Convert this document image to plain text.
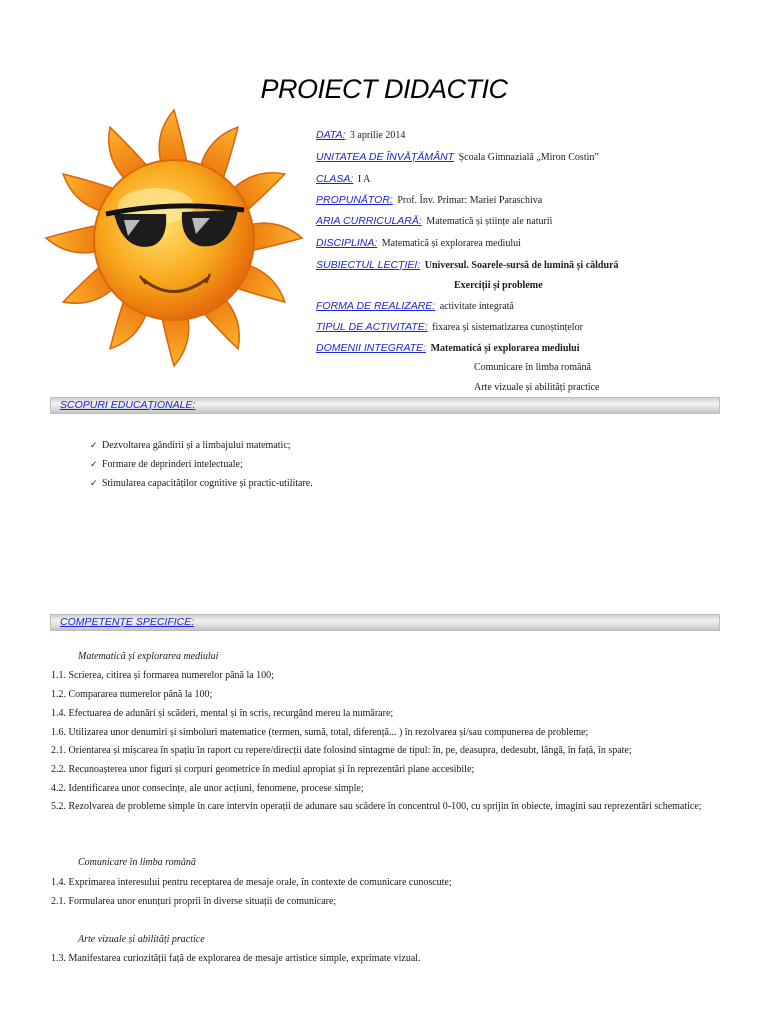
PROIECT DIDACTIC
DATA: 3 aprilie 2014
UNITATEA DE ÎNVĂȚĂMÂNT Școala Gimnazială „Miron Costin”
CLASA: I A
PROPUNĂTOR: Prof. Înv. Primar: Mariei Paraschiva
ARIA CURRICULARĂ: Matematică și științe ale naturii
DISCIPLINA: Matematică și explorarea mediului
SUBIECTUL LECȚIEI: Universul. Soarele-sursă de lumină și căldură
Exerciții și probleme
FORMA DE REALIZARE: activitate integrată
TIPUL DE ACTIVITATE: fixarea și sistematizarea cunoștințelor
DOMENII INTEGRATE: Matematică și explorarea mediului
Comunicare în limba română
Arte vizuale și abilități practice
SCOPURI EDUCAȚIONALE:
✓ Dezvoltarea gândirii și a limbajului matematic;
✓ Formare de deprinderi intelectuale;
✓ Stimularea capacităților cognitive și practic-utilitare.
COMPETENȚE SPECIFICE:
Matematică și explorarea mediului
1.1. Scrierea, citirea și formarea numerelor până la 100;
1.2. Compararea numerelor până la 100;
1.4. Efectuarea de adunări și scăderi, mental și în scris, recurgând mereu la numărare;
1.6. Utilizarea unor denumiri și simboluri matematice (termen, sumă, total, diferență... ) în rezolvarea și/sau compunerea de probleme;
2.1. Orientarea și mișcarea în spațiu în raport cu repere/direcții date folosind sintagme de tipul: în, pe, deasupra, dedesubt, lângă, în față, în spate;
2.2. Recunoașterea unor figuri și corpuri geometrice în mediul apropiat și în reprezentări plane accesibile;
4.2. Identificarea unor consecințe, ale unor acțiuni, fenomene, procese simple;
5.2. Rezolvarea de probleme simple în care intervin operații de adunare sau scădere în concentrul 0-100, cu sprijin în obiecte, imagini sau reprezentări schematice;
Comunicare în limba română
1.4. Exprimarea interesului pentru receptarea de mesaje orale, în contexte de comunicare cunoscute;
2.1. Formularea unor enunțuri proprii în diverse situații de comunicare;
Arte vizuale și abilități practice
1.3. Manifestarea curiozității față de explorarea de mesaje artistice simple, exprimate vizual.
